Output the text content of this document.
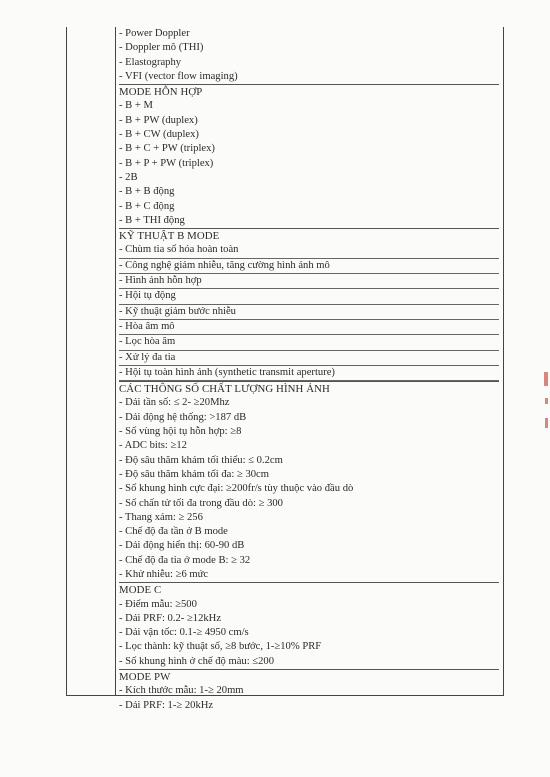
- Power Doppler
- Doppler mô (THI)
- Elastography
- VFI (vector flow imaging)
MODE HỖN HỢP
- B + M
- B + PW (duplex)
- B + CW (duplex)
- B + C + PW (triplex)
- B + P + PW (triplex)
- 2B
- B + B động
- B + C động
- B + THI động
KỸ THUẬT B MODE
- Chùm tia số hóa hoàn toàn
- Công nghệ giảm nhiễu, tăng cường hình ảnh mô
- Hình ảnh hỗn hợp
- Hội tụ động
- Kỹ thuật giảm bước nhiễu
- Hòa âm mô
- Lọc hòa âm
- Xử lý đa tia
- Hội tụ toàn hình ảnh (synthetic transmit aperture)
CÁC THÔNG SỐ CHẤT LƯỢNG HÌNH ẢNH
- Dải tần số: ≤ 2- ≥20Mhz
- Dải động hệ thống: >187 dB
- Số vùng hội tụ hỗn hợp: ≥8
- ADC bits: ≥12
- Độ sâu thăm khám tối thiểu: ≤ 0.2cm
- Độ sâu thăm khám tối đa: ≥ 30cm
- Số khung hình cực đại: ≥200fr/s tùy thuộc vào đầu dò
- Số chấn tử tối đa trong đầu dò: ≥ 300
- Thang xám: ≥ 256
- Chế độ đa tần ở B mode
- Dải động hiển thị: 60-90 dB
- Chế độ đa tia ở mode B: ≥ 32
- Khử nhiễu: ≥6 mức
MODE C
- Điểm mẫu: ≥500
- Dải PRF: 0.2- ≥12kHz
- Dải vận tốc: 0.1-≥ 4950 cm/s
- Lọc thành: kỹ thuật số, ≥8 bước, 1-≥10% PRF
- Số khung hình ở chế độ màu: ≤200
MODE PW
- Kích thước mẫu: 1-≥ 20mm
- Dải PRF: 1-≥ 20kHz
